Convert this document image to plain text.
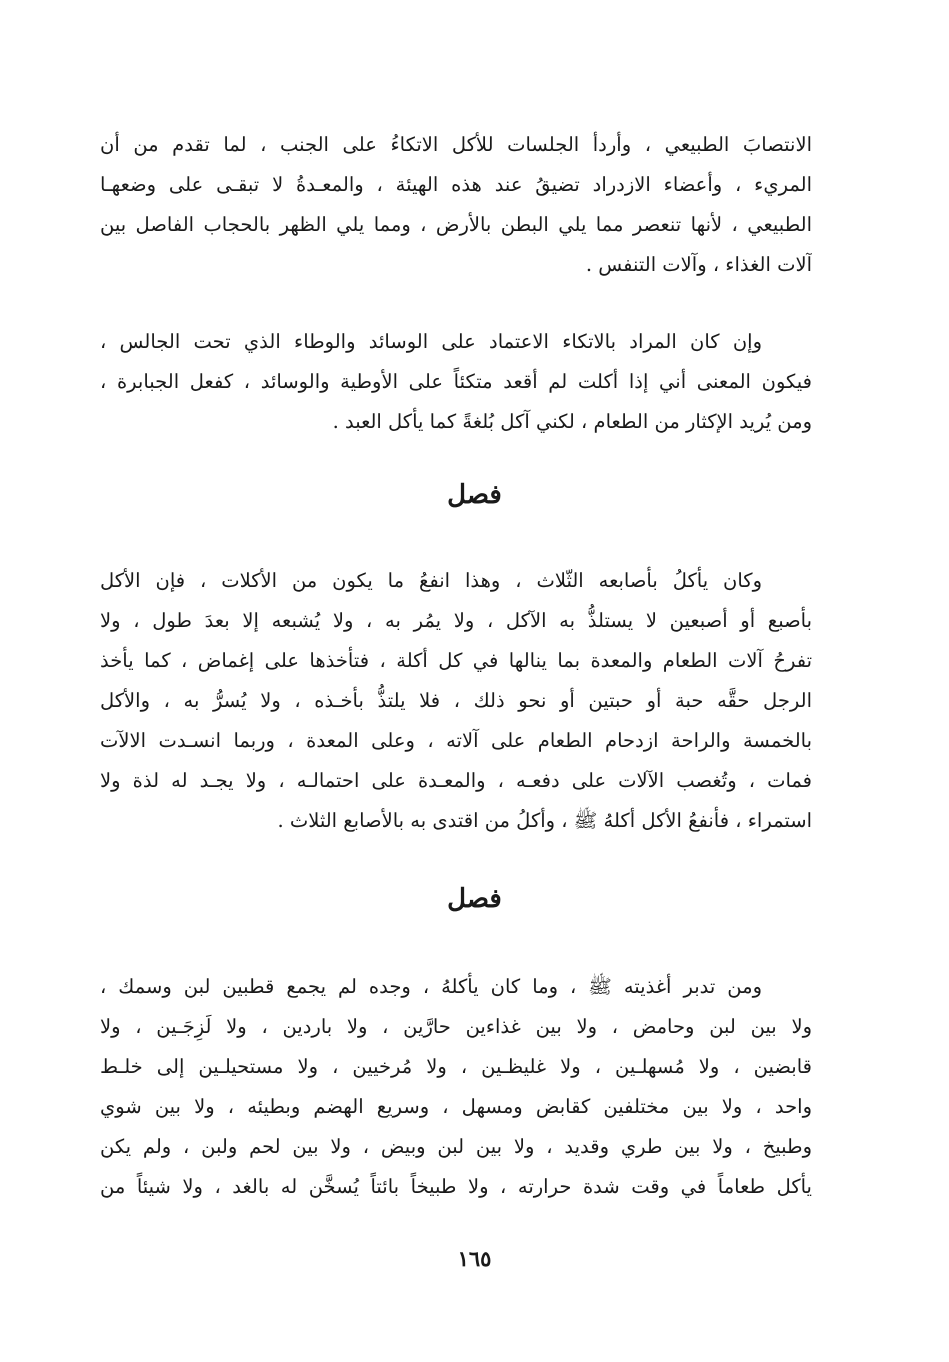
الانتصابَ الطبيعي ، وأردأ الجلسات للأكل الاتكاءُ على الجنب ، لما تقدم من أن
المريء ، وأعضاء الازدراد تضيقُ عند هذه الهيئة ، والمعـدةُ لا تبقـى على وضعهـا
الطبيعي ، لأنها تنعصر مما يلي البطن بالأرض ، ومما يلي الظهر بالحجاب الفاصل بين
آلات الغذاء ، وآلات التنفس .
وإن كان المراد بالاتكاء الاعتماد على الوسائد والوطاء الذي تحت الجالس ،
فيكون المعنى أني إذا أكلت لم أقعد متكئاً على الأوطية والوسائد ، كفعل الجبابرة ،
ومن يُريد الإكثار من الطعام ، لكني آكل بُلغةً كما يأكل العبد .
فصل
وكان يأكلُ بأصابعه الثّلاث ، وهذا انفعُ ما يكون من الأكلات ، فإن الأكل
بأصبع أو أصبعين لا يستلذُّ به الآكل ، ولا يمُر به ، ولا يُشبعه إلا بعدَ طول ، ولا
تفرحُ آلات الطعام والمعدة بما ينالها في كل أكلة ، فتأخذها على إغماض ، كما يأخذ
الرجل حقَّه حبة أو حبتين أو نحو ذلك ، فلا يلتذُّ بأخـذه ، ولا يُسرُّ به ، والأكل
بالخمسة والراحة ازدحام الطعام على آلاته ، وعلى المعدة ، وربما انسـدت الالآت
فمات ، وتُغصب الآلات على دفعـه ، والمعـدة على احتمالـه ، ولا يجـد له لذة ولا
استمراء ، فأنفعُ الأكل أكلهُ ﷺ ، وأكلُ من اقتدى به بالأصابع الثلاث .
فصل
ومن تدبر أغذيته ﷺ ، وما كان يأكلهُ ، وجده لم يجمع قطبين لبن وسمك ،
ولا بين لبن وحامض ، ولا بين غذاءين حارَّين ، ولا باردين ، ولا لَزِجَـين ، ولا
قابضين ، ولا مُسهلـين ، ولا غليظـين ، ولا مُرخيين ، ولا مستحيلـين إلى خلـط
واحد ، ولا بين مختلفين كقابض ومسهل ، وسريع الهضم وبطيئه ، ولا بين شوي
وطبيخ ، ولا بين طري وقديد ، ولا بين لبن وبيض ، ولا بين لحم ولبن ، ولم يكن
يأكل طعاماً في وقت شدة حرارته ، ولا طبيخاً بائتاً يُسخَّن له بالغد ، ولا شيئاً من
١٦٥
